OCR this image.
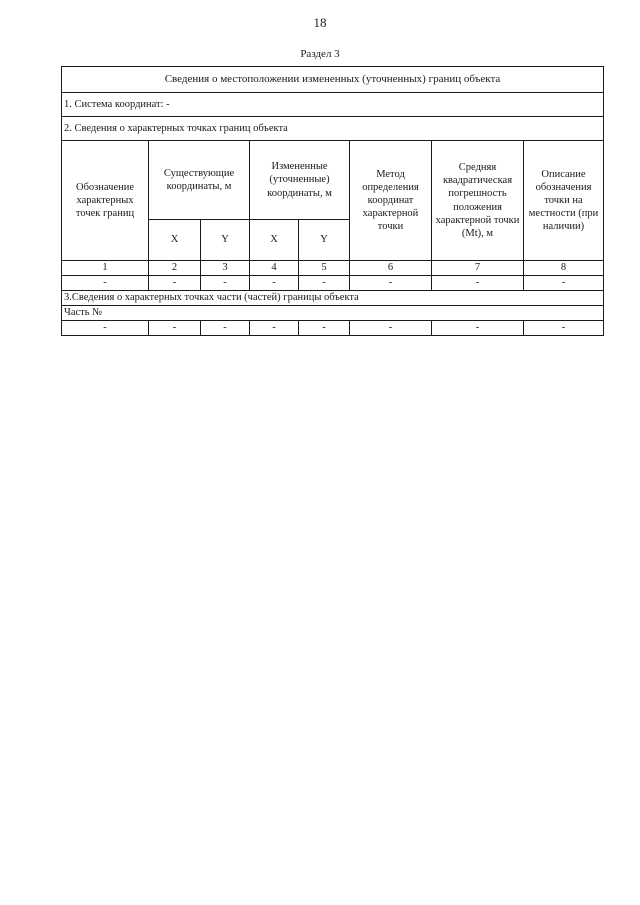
18
Раздел 3
Сведения о местоположении измененных (уточненных) границ объекта							
1. Система координат: -							
2. Сведения о характерных точках границ объекта							
Обозначение характерных точек границ	Существующие координаты, м		Измененные (уточненные) координаты, м		Метод определения координат характерной точки	Средняя квадратическая погрешность положения характерной точки (Mt), м	Описание обозначения точки на местности (при наличии)
	X	Y	X	Y			
1	2	3	4	5	6	7	8
-	-	-	-	-	-	-	-
3.Сведения о характерных точках части (частей) границы объекта							
Часть №							
-	-	-	-	-	-	-	-
